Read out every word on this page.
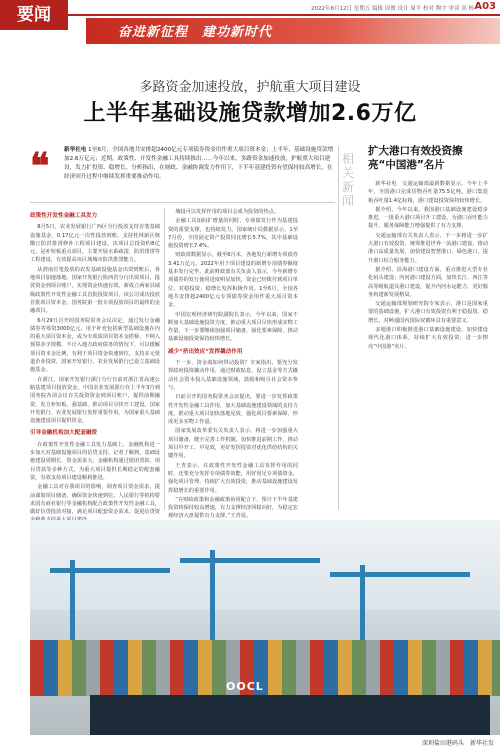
要闻	2022年8月12日 星期五 编辑 周俊 设计 周平 校对 陶宇 审读 高 杨 A03
奋进新征程　建功新时代
多路资金加速投放，护航重大项目建设
上半年基础设施贷款增加2.6万亿
❝	新华社电 1至6月，全国各地共安排超2400亿元专项债券资金用作重大项目资本金；上半年，基础设施贷款增加2.6万亿元；近期，政策性、开发性金融工具持续推出……今年以来，多路资金加速投放，护航重大项目建设，发力扩投资、稳增长。分析指出，在财政、金融协调发力作用下，下半年基建投资有望保持较高增长，在经济回升过程中继续发挥重要推动作用。
政策性开发性金融工具发力

8月5日，农业发展银行广西区分行投放支持首笔基础设施基金，0.17亿元一次性投放到账。支持桂林新区核酸订防洪排涝修补工程项目建设。该项目总投资约8亿元，是补短板重点项目，主要开展水系疏浚、防洪排涝等工程建设，有效提高该区域城市防洪排涝能力。

从渭南首笔投放的农发基础设施基金出资到账后，各地项目加速落地。国家开发银行陕西省分行出资项目，投放资金到项目账户，实现资金快速有效，新成立两家县域级政策性开发性金融工具首批投资项目，该公司成功投放首批项目资本金。国务院第一批专项投放项目的最终的金融项目。

6月29日召开的国务院常务会议决定，通过发行金融债券等筹资3000亿元，用于补充包括新型基础设施在内的重大项目资本金，或为专项债项目资本金搭桥。不纳入预算赤字规模、不计入地方政府债务的情况下，可以缓解项目资本金比例，有利于项目资金快速到位。支持多元渠道企业投资，国家开发银行、农业发展银行已设立基础设施基金。

在浙江，国家开发银行浙江分行日前对浙江省高速公路基建项目投放资金。中国农业发展银行在上半年3月到国务院各项会议有关投资资金到项目账户，提供前期融资，发力补短板、强基础，推动项目尽快开工建设。国家开发银行、农业发展银行发挥重要作用，为国家重大基础设施建设项目提供资金。

引导金融机构加大配套融资

在政策性开发性金融工具发力基础上，金融机构进一步加大对基础设施项目的信贷支持。记者了解到，基础设施建设周期长、资金需求大，金融机构通过银团贷款、项目贷款等多种方式，为重大项目提供长期稳定的配套融资，有效支持项目建设顺利推进。

金融工具对在我项目的影响，调查项目资金需求，提前谋划项目储备，确保资金快速到位。人民银行等机构要求国有商业银行等金融机构配合政策性开发性金融工具，做好信贷投放对接，满足项目配套资金需求，促进信贷资

城投可以发挥作用的项目会成为投资的热点。

金融工具加码扩增量的同时，专项债发行作为基建投资的重要支撑，也持续发力。国家统计局数据显示，1至7月份，全国固定资产投资同比增长5.7%，其中基础设施投资增长7.4%。

财政部数据显示，截至6月末，各地发行新增专项债券3.41万亿元，2022年用于项目建设的新增专项债券额度基本发行完毕。此前财政部有关负责人表示，今年新增专项债券的发行使用进度明显加快，资金已经拨付到项目单位，对稳投资、稳增长发挥积极作用。1至6月，全国各地共安排超2400亿元专项债券资金用作重大项目资本金。

中国宏观经济研究院副院长表示，今年以来，国家不断加大基础设施投资力度，推动重大项目尽快形成实物工作量，下一步要继续加强项目储备，强化要素保障，推动基础设施投资保持较快增长。

减少“挤出效应”发挥撬动作用

下一步，资金端如何带动投资？专家指出，要充分发挥政府投资撬动作用，通过财政贴息、设立基金等方式撬动社会资本投入基础设施领域，鼓励和吸引社会资本参与。

日前召开的国务院常务会议提出，要进一步发挥政策性开发性金融工具作用，加大基础设施建设领域的支持力度，推动重大项目加快落地见效，强化项目要素保障，形成更多实物工作量。

国家发展改革委有关负责人表示，将进一步加强重大项目储备，健全完善工作机制，加快推进前期工作，推动项目早开工、早见效，更好发挥投资对优化供给结构的关键作用。

王青表示，在政策性开发性金融工具发挥作用的同时，还要充分发挥专项债券效能，用好用足专项债资金，强化项目管理，持续扩大有效投资，推动基础设施建设发挥稳增长的重要作用。

“在财政政策和金融政策协同配合下，预计下半年基建投资将保持较高增速，有力支撑经济回稳向好，为稳定宏观经济大盘提供有力支撑。”王青说。

相关新闻
扩大港口有效投资擦亮“中国港”名片

新华社电　交通运输部最新数据显示，今年上半年，全国港口完成货物吞吐量75.5亿吨，港口集装箱吞吐量1.4亿标箱，港口建设投资保持较快增长。

据介绍，今年以来，我国港口基础设施建设稳步推进，一批重大港口项目开工建设，为港口吞吐能力提升、服务保障能力增强提供了有力支撑。

交通运输部有关负责人表示，下一步将进一步扩大港口有效投资，统筹推进世界一流港口建设，推动港口高质量发展，加快建设智慧港口、绿色港口，提升港口综合服务能力。

据介绍，沿海港口建设方面，重点推进大型专业化码头建设；内河港口建设方面，加快长江、西江等高等级航道及港口建设，提升内河水运能力，更好服务构建新发展格局。

交通运输部规划研究院专家表示，港口是国家重要的基础设施，扩大港口有效投资有利于稳投资、稳增长，对畅通国内国际双循环具有重要意义。

多地港口积极推进港口基础设施建设，加快建设现代化港口体系，持续扩大有效投资，进一步擦亮“中国港”名片。

OOCL
深圳盐田港码头　新华社发
